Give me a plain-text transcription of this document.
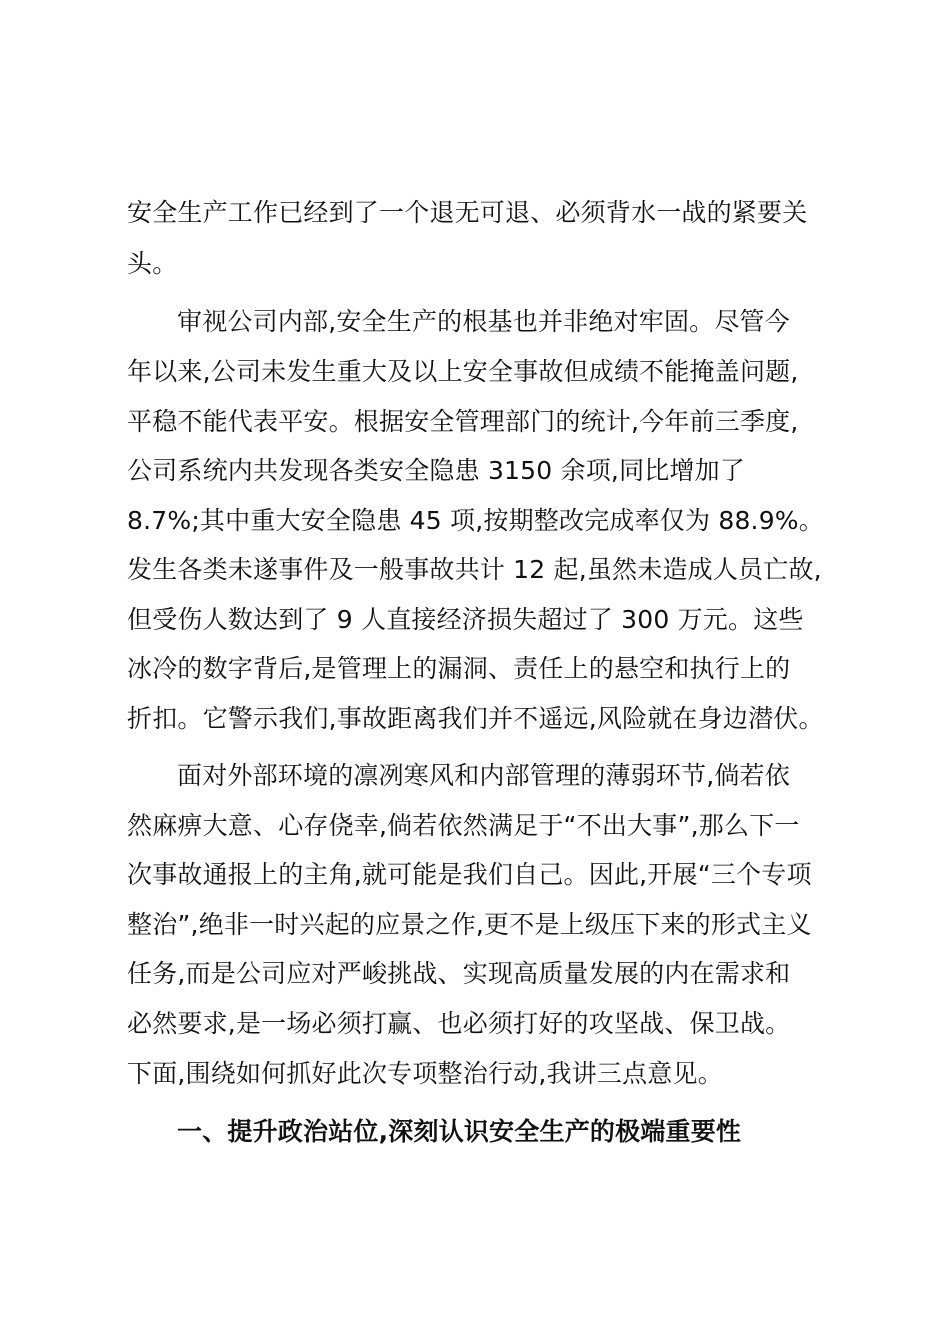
安全生产工作已经到了一个退无可退、必须背水一战的紧要关
头。
审视公司内部,安全生产的根基也并非绝对牢固。尽管今
年以来,公司未发生重大及以上安全事故但成绩不能掩盖问题,
平稳不能代表平安。根据安全管理部门的统计,今年前三季度,
公司系统内共发现各类安全隐患 3150 余项,同比增加了
8.7%;其中重大安全隐患 45 项,按期整改完成率仅为 88.9%。
发生各类未遂事件及一般事故共计 12 起,虽然未造成人员亡故,
但受伤人数达到了 9 人直接经济损失超过了 300 万元。这些
冰冷的数字背后,是管理上的漏洞、责任上的悬空和执行上的
折扣。它警示我们,事故距离我们并不遥远,风险就在身边潜伏。
面对外部环境的凛冽寒风和内部管理的薄弱环节,倘若依
然麻痹大意、心存侥幸,倘若依然满足于“不出大事”,那么下一
次事故通报上的主角,就可能是我们自己。因此,开展“三个专项
整治”,绝非一时兴起的应景之作,更不是上级压下来的形式主义
任务,而是公司应对严峻挑战、实现高质量发展的内在需求和
必然要求,是一场必须打赢、也必须打好的攻坚战、保卫战。
下面,围绕如何抓好此次专项整治行动,我讲三点意见。
一、提升政治站位,深刻认识安全生产的极端重要性
